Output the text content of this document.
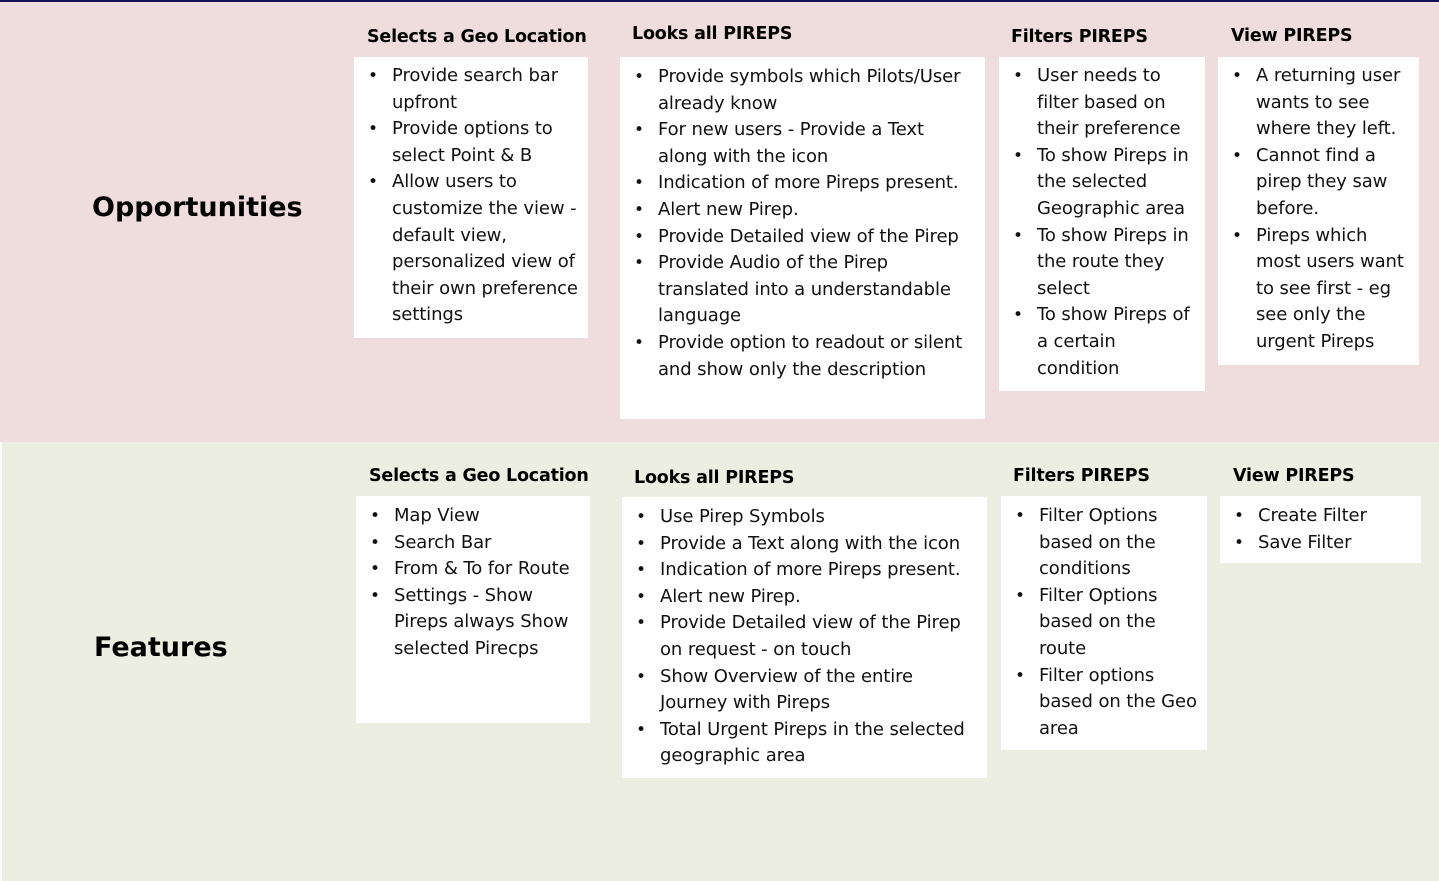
Opportunities
Selects a Geo Location
• Provide search bar upfront
• Provide options to select Point & B
• Allow users to customize the view - default view, personalized view of their own preference settings
Looks all PIREPS
• Provide symbols which Pilots/User already know
• For new users - Provide a Text along with the icon
• Indication of more Pireps present.
• Alert new Pirep.
• Provide Detailed view of the Pirep
• Provide Audio of the Pirep translated into a understandable language
• Provide option to readout or silent and show only the description
Filters PIREPS
• User needs to filter based on their preference
• To show Pireps in the selected Geographic area
• To show Pireps in the route they select
• To show Pireps of a certain condition
View PIREPS
• A returning user wants to see where they left.
• Cannot find a pirep they saw before.
• Pireps which most users want to see first - eg see only the urgent Pireps
Features
Selects a Geo Location
• Map View
• Search Bar
• From & To for Route
• Settings - Show Pireps always Show selected Pirecps
Looks all PIREPS
• Use Pirep Symbols
• Provide a Text along with the icon
• Indication of more Pireps present.
• Alert new Pirep.
• Provide Detailed view of the Pirep on request - on touch
• Show Overview of the entire Journey with Pireps
• Total Urgent Pireps in the selected geographic area
Filters PIREPS
• Filter Options based on the conditions
• Filter Options based on the route
• Filter options based on the Geo area
View PIREPS
• Create Filter
• Save Filter
